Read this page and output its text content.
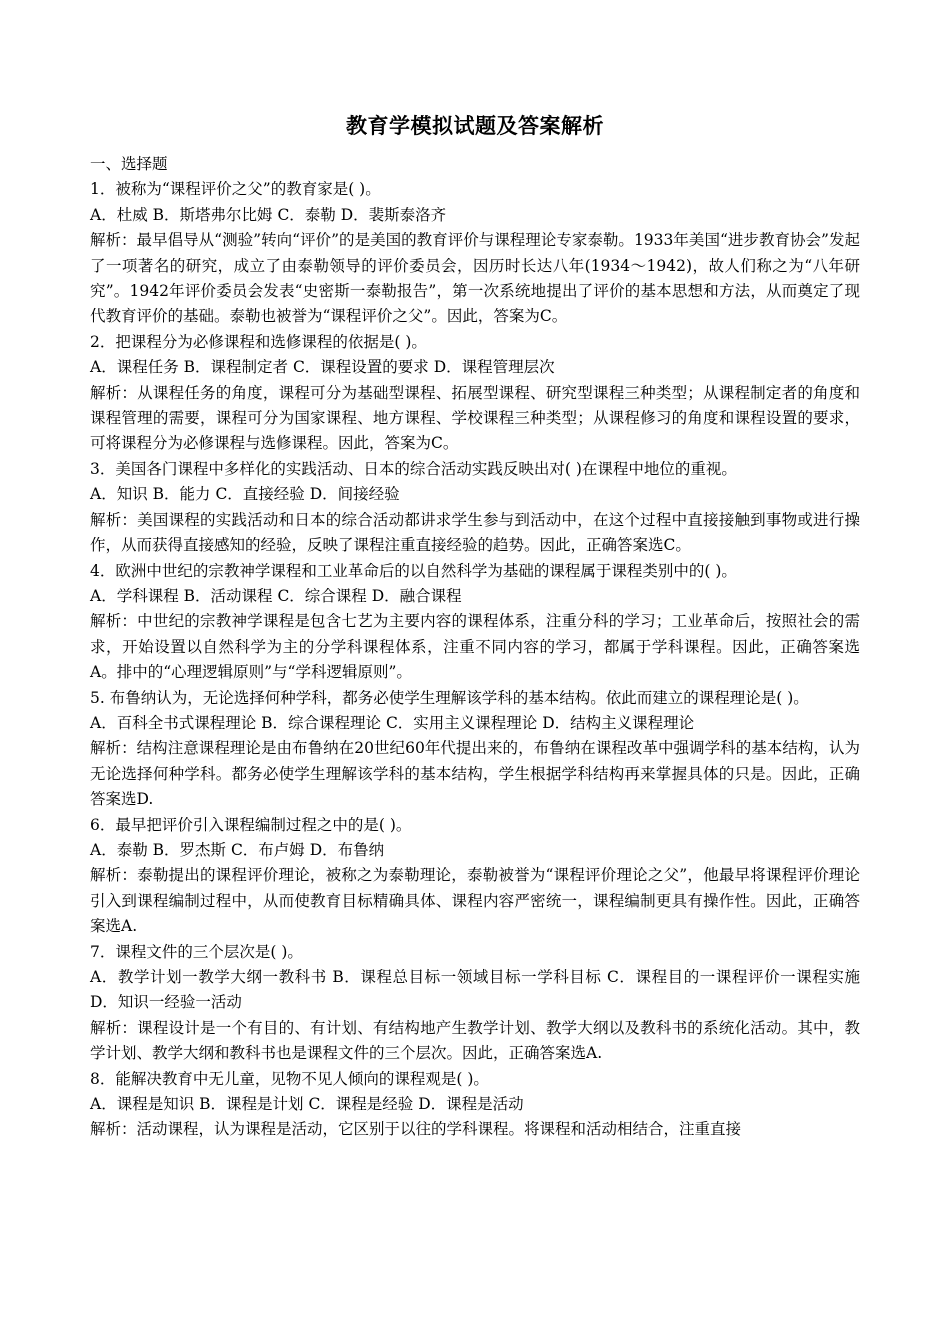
教育学模拟试题及答案解析

一、选择题

1．被称为“课程评价之父”的教育家是( )。

A．杜威 B．斯塔弗尔比姆 C．泰勒 D．裴斯泰洛齐

解析：最早倡导从“测验”转向“评价”的是美国的教育评价与课程理论专家泰勒。1933年美国“进步教育协会”发起了一项著名的研究，成立了由泰勒领导的评价委员会，因历时长达八年(1934～1942)，故人们称之为“八年研究”。1942年评价委员会发表“史密斯一泰勒报告”，第一次系统地提出了评价的基本思想和方法，从而奠定了现代教育评价的基础。泰勒也被誉为“课程评价之父”。因此，答案为C。

2．把课程分为必修课程和选修课程的依据是( )。

A．课程任务 B．课程制定者 C．课程设置的要求 D．课程管理层次

解析：从课程任务的角度，课程可分为基础型课程、拓展型课程、研究型课程三种类型；从课程制定者的角度和课程管理的需要，课程可分为国家课程、地方课程、学校课程三种类型；从课程修习的角度和课程设置的要求，可将课程分为必修课程与选修课程。因此，答案为C。

3．美国各门课程中多样化的实践活动、日本的综合活动实践反映出对( )在课程中地位的重视。

A．知识 B．能力 C．直接经验 D．间接经验

解析：美国课程的实践活动和日本的综合活动都讲求学生参与到活动中，在这个过程中直接接触到事物或进行操作，从而获得直接感知的经验，反映了课程注重直接经验的趋势。因此，正确答案选C。

4．欧洲中世纪的宗教神学课程和工业革命后的以自然科学为基础的课程属于课程类别中的( )。

A．学科课程 B．活动课程 C．综合课程 D．融合课程

解析：中世纪的宗教神学课程是包含七艺为主要内容的课程体系，注重分科的学习；工业革命后，按照社会的需求，开始设置以自然科学为主的分学科课程体系，注重不同内容的学习，都属于学科课程。因此，正确答案选A。排中的“心理逻辑原则”与“学科逻辑原则”。

5. 布鲁纳认为，无论选择何种学科，都务必使学生理解该学科的基本结构。依此而建立的课程理论是( )。

A．百科全书式课程理论 B．综合课程理论 C．实用主义课程理论 D．结构主义课程理论

解析：结构注意课程理论是由布鲁纳在20世纪60年代提出来的，布鲁纳在课程改革中强调学科的基本结构，认为无论选择何种学科。都务必使学生理解该学科的基本结构，学生根据学科结构再来掌握具体的只是。因此，正确答案选D.

6．最早把评价引入课程编制过程之中的是( )。

A．泰勒 B．罗杰斯 C．布卢姆 D．布鲁纳

解析：泰勒提出的课程评价理论，被称之为泰勒理论，泰勒被誉为“课程评价理论之父”，他最早将课程评价理论引入到课程编制过程中，从而使教育目标精确具体、课程内容严密统一，课程编制更具有操作性。因此，正确答案选A.

7．课程文件的三个层次是( )。

A．教学计划一教学大纲一教科书 B．课程总目标一领域目标一学科目标 C．课程目的一课程评价一课程实施 D．知识一经验一活动

解析：课程设计是一个有目的、有计划、有结构地产生教学计划、教学大纲以及教科书的系统化活动。其中，教学计划、教学大纲和教科书也是课程文件的三个层次。因此，正确答案选A.

8．能解决教育中无儿童，见物不见人倾向的课程观是( )。

A．课程是知识 B．课程是计划 C．课程是经验 D．课程是活动

解析：活动课程，认为课程是活动，它区别于以往的学科课程。将课程和活动相结合，注重直接
